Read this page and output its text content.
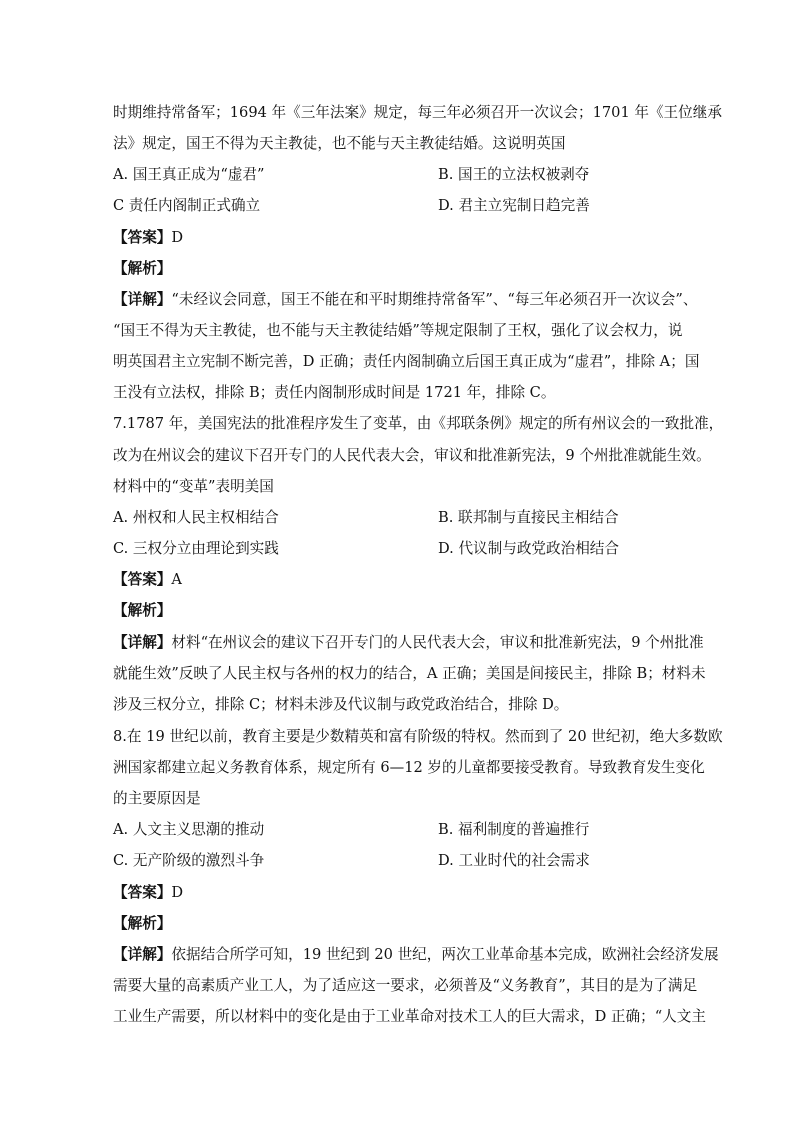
时期维持常备军；1694 年《三年法案》规定，每三年必须召开一次议会；1701 年《王位继承
法》规定，国王不得为天主教徒，也不能与天主教徒结婚。这说明英国
A. 国王真正成为“虚君”	B. 国王的立法权被剥夺
C 责任内阁制正式确立	D. 君主立宪制日趋完善
【答案】D
【解析】
【详解】“未经议会同意，国王不能在和平时期维持常备军”、“每三年必须召开一次议会”、
“国王不得为天主教徒，也不能与天主教徒结婚”等规定限制了王权，强化了议会权力，说
明英国君主立宪制不断完善，D 正确；责任内阁制确立后国王真正成为“虚君”，排除 A；国
王没有立法权，排除 B；责任内阁制形成时间是 1721 年，排除 C。
7.1787 年，美国宪法的批准程序发生了变革，由《邦联条例》规定的所有州议会的一致批准，
改为在州议会的建议下召开专门的人民代表大会，审议和批准新宪法，9 个州批准就能生效。
材料中的“变革”表明美国
A. 州权和人民主权相结合	B. 联邦制与直接民主相结合
C. 三权分立由理论到实践	D. 代议制与政党政治相结合
【答案】A
【解析】
【详解】材料“在州议会的建议下召开专门的人民代表大会，审议和批准新宪法，9 个州批准
就能生效”反映了人民主权与各州的权力的结合，A 正确；美国是间接民主，排除 B；材料未
涉及三权分立，排除 C；材料未涉及代议制与政党政治结合，排除 D。
8.在 19 世纪以前，教育主要是少数精英和富有阶级的特权。然而到了 20 世纪初，绝大多数欧
洲国家都建立起义务教育体系，规定所有 6—12 岁的儿童都要接受教育。导致教育发生变化
的主要原因是
A. 人文主义思潮的推动	B. 福利制度的普遍推行
C. 无产阶级的激烈斗争	D. 工业时代的社会需求
【答案】D
【解析】
【详解】依据结合所学可知，19 世纪到 20 世纪，两次工业革命基本完成，欧洲社会经济发展
需要大量的高素质产业工人，为了适应这一要求，必须普及“义务教育”，其目的是为了满足
工业生产需要，所以材料中的变化是由于工业革命对技术工人的巨大需求，D 正确；“人文主
